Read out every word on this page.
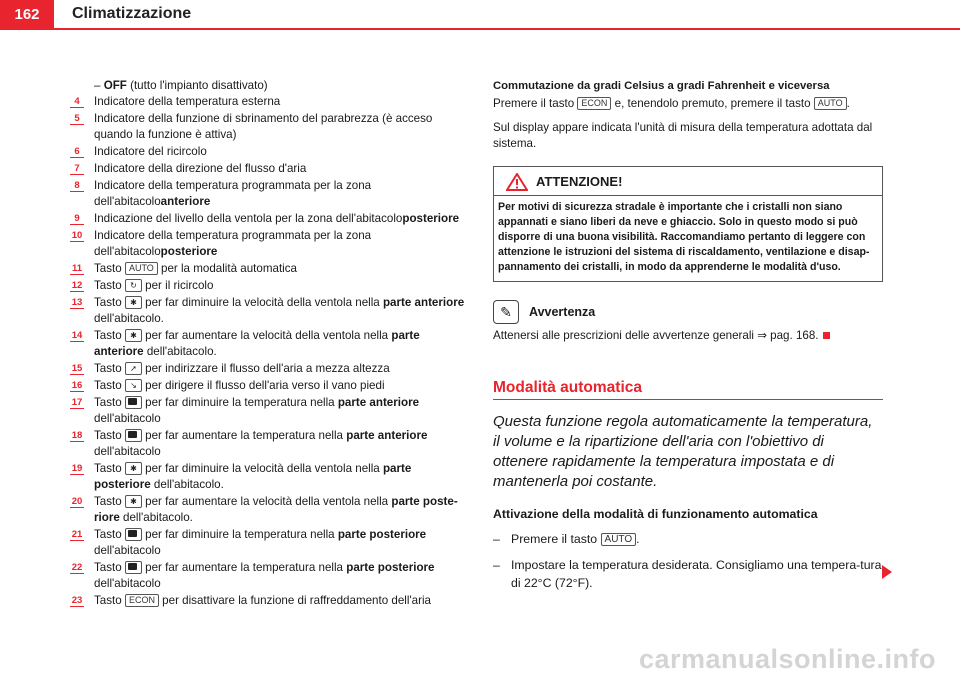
162	Climatizzazione
– OFF (tutto l'impianto disattivato)
4	Indicatore della temperatura esterna
5	Indicatore della funzione di sbrinamento del parabrezza (è acceso quando la funzione è attiva)
6	Indicatore del ricircolo
7	Indicatore della direzione del flusso d'aria
8	Indicatore della temperatura programmata per la zona dell'abitacoloanteriore
9	Indicazione del livello della ventola per la zona dell'abitacoloposteriore
10 Indicatore della temperatura programmata per la zona dell'abitacoloposteriore
11 Tasto AUTO per la modalità automatica
12 Tasto ↻ per il ricircolo
13 Tasto ✱ per far diminuire la velocità della ventola nella parte anteriore dell'abitacolo.
14 Tasto ✱ per far aumentare la velocità della ventola nella parte anteriore dell'abitacolo.
15 Tasto ➚ per indirizzare il flusso dell'aria a mezza altezza
16 Tasto ↘ per dirigere il flusso dell'aria verso il vano piedi
17 Tasto  per far diminuire la temperatura nella parte anteriore dell'abitacolo
18 Tasto  per far aumentare la temperatura nella parte anteriore dell'abitacolo
19 Tasto ✱ per far diminuire la velocità della ventola nella parte posteriore dell'abitacolo.
20 Tasto ✱ per far aumentare la velocità della ventola nella parte poste-riore dell'abitacolo.
21 Tasto  per far diminuire la temperatura nella parte posteriore dell'abitacolo
22 Tasto  per far aumentare la temperatura nella parte posteriore dell'abitacolo
23 Tasto ECON per disattivare la funzione di raffreddamento dell'aria

Commutazione da gradi Celsius a gradi Fahrenheit e viceversa

Premere il tasto ECON e, tenendolo premuto, premere il tasto AUTO .

Sul display appare indicata l'unità di misura della temperatura adottata dal sistema.

ATTENZIONE!
Per motivi di sicurezza stradale è importante che i cristalli non siano appannati e siano liberi da neve e ghiaccio. Solo in questo modo si può disporre di una buona visibilità. Raccomandiamo pertanto di leggere con attenzione le istruzioni del sistema di riscaldamento, ventilazione e disap-pannamento dei cristalli, in modo da apprenderne le modalità d'uso.
✎	Avvertenza

Attenersi alle prescrizioni delle avvertenze generali ⇒ pag. 168.

Modalità automatica
Questa funzione regola automaticamente la temperatura, il volume e la ripartizione dell'aria con l'obiettivo di ottenere rapidamente la temperatura impostata e di mantenerla poi costante.
Attivazione della modalità di funzionamento automatica
– Premere il tasto AUTO .
– Impostare la temperatura desiderata. Consigliamo una tempera-tura di 22°C (72°F).
carmanualsonline.info
